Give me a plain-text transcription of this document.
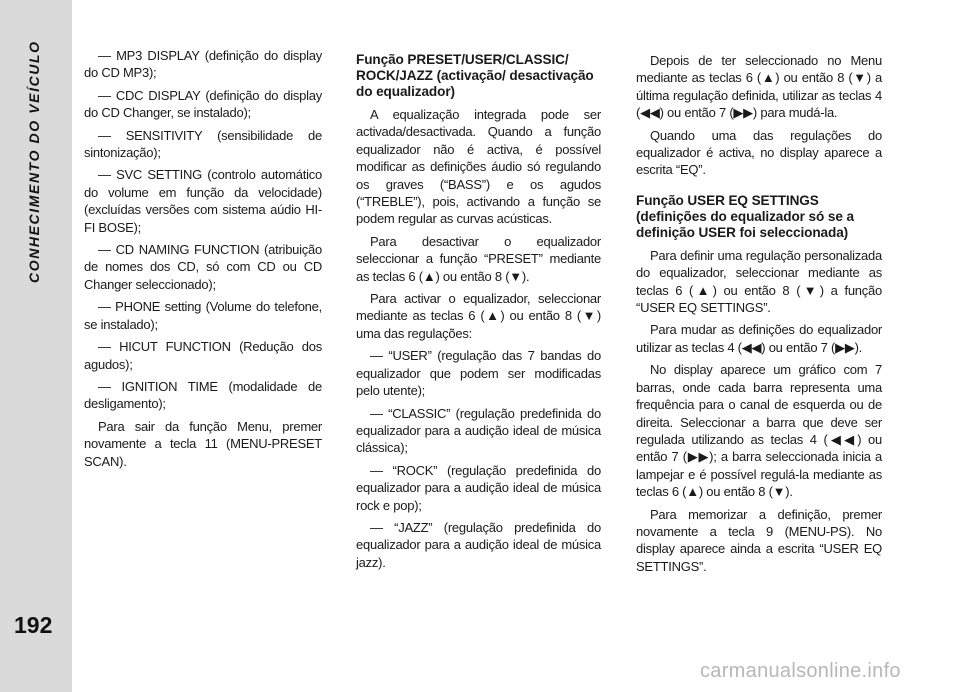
CONHECIMENTO DO VEÍCULO
192

— MP3 DISPLAY (definição do display do CD MP3);

— CDC DISPLAY (definição do display do CD Changer, se instalado);

— SENSITIVITY (sensibilidade de sintonização);

— SVC SETTING (controlo automático do volume em função da velocidade) (excluídas versões com sistema aúdio HI-FI BOSE);

— CD NAMING FUNCTION (atribuição de nomes dos CD, só com CD ou CD Changer seleccionado);

— PHONE setting (Volume do telefone, se instalado);

— HICUT FUNCTION (Redução dos agudos);

— IGNITION TIME (modalidade de desligamento);

Para sair da função Menu, premer novamente a tecla 11 (MENU-PRESET SCAN).

Função PRESET/USER/CLASSIC/ ROCK/JAZZ (activação/ desactivação do equalizador)

A equalização integrada pode ser activada/desactivada. Quando a função equalizador não é activa, é possível modificar as definições áudio só regulando os graves (“BASS”) e os agudos (“TREBLE”), pois, activando a função se podem regular as curvas acústicas.

Para desactivar o equalizador seleccionar a função “PRESET” mediante as teclas 6 (▲) ou então 8 (▼).

Para activar o equalizador, seleccionar mediante as teclas 6 (▲) ou então 8 (▼) uma das regulações:

— “USER” (regulação das 7 bandas do equalizador que podem ser modificadas pelo utente);

— “CLASSIC” (regulação predefinida do equalizador para a audição ideal de música clássica);

— “ROCK” (regulação predefinida do equalizador para a audição ideal de música rock e pop);

— “JAZZ” (regulação predefinida do equalizador para a audição ideal de música jazz).

Depois de ter seleccionado no Menu mediante as teclas 6 (▲) ou então 8 (▼) a última regulação definida, utilizar as teclas 4 (◀◀) ou então 7 (▶▶) para mudá-la.

Quando uma das regulações do equalizador é activa, no display aparece a escrita “EQ”.

Função USER EQ SETTINGS (definições do equalizador só se a definição USER foi seleccionada)

Para definir uma regulação personalizada do equalizador, seleccionar mediante as teclas 6 (▲) ou então 8 (▼) a função “USER EQ SETTINGS”.

Para mudar as definições do equalizador utilizar as teclas 4 (◀◀) ou então 7 (▶▶).

No display aparece um gráfico com 7 barras, onde cada barra representa uma frequência para o canal de esquerda ou de direita. Seleccionar a barra que deve ser regulada utilizando as teclas 4 (◀◀) ou então 7 (▶▶); a barra seleccionada inicia a lampejar e é possível regulá-la mediante as teclas 6 (▲) ou então 8 (▼).

Para memorizar a definição, premer novamente a tecla 9 (MENU-PS). No display aparece ainda a escrita “USER EQ SETTINGS”.

carmanualsonline.info
